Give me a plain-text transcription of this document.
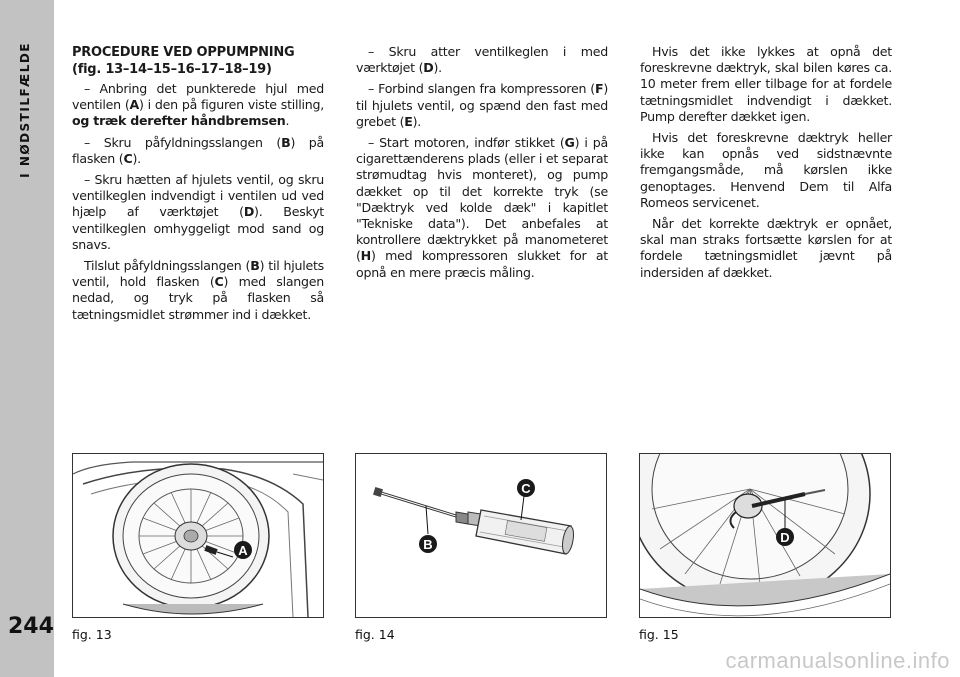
I NØDSTILFÆLDE
244
PROCEDURE VED OPPUMPNING
(fig. 13–14–15–16–17–18–19)

– Anbring det punkterede hjul med ventilen (A) i den på figuren viste stilling, og træk derefter håndbremsen.

– Skru påfyldningsslangen (B) på flasken (C).

– Skru hætten af hjulets ventil, og skru ventilkeglen indvendigt i ventilen ud ved hjælp af værktøjet (D). Beskyt ventilkeglen omhyggeligt mod sand og snavs.

Tilslut påfyldningsslangen (B) til hjulets ventil, hold flasken (C) med slangen nedad, og tryk på flasken så tætningsmidlet strømmer ind i dækket.

– Skru atter ventilkeglen i med værktøjet (D).

– Forbind slangen fra kompressoren (F) til hjulets ventil, og spænd den fast med grebet (E).

– Start motoren, indfør stikket (G) i på cigarettænderens plads (eller i et separat strømudtag hvis monteret), og pump dækket op til det korrekte tryk (se "Dæktryk ved kolde dæk" i kapitlet "Tekniske data"). Det anbefales at kontrollere dæktrykket på manometeret (H) med kompressoren slukket for at opnå en mere præcis måling.

Hvis det ikke lykkes at opnå det foreskrevne dæktryk, skal bilen køres ca. 10 meter frem eller tilbage for at fordele tætningsmidlet indvendigt i dækket. Pump derefter dækket igen.

Hvis det foreskrevne dæktryk heller ikke kan opnås ved sidstnævnte fremgangsmåde, må kørslen ikke genoptages. Henvend Dem til Alfa Romeos servicenet.

Når det korrekte dæktryk er opnået, skal man straks fortsætte kørslen for at fordele tætningsmidlet jævnt på indersiden af dækket.

A	B
C
D
fig. 13	fig. 14	fig. 15
carmanualsonline.info
